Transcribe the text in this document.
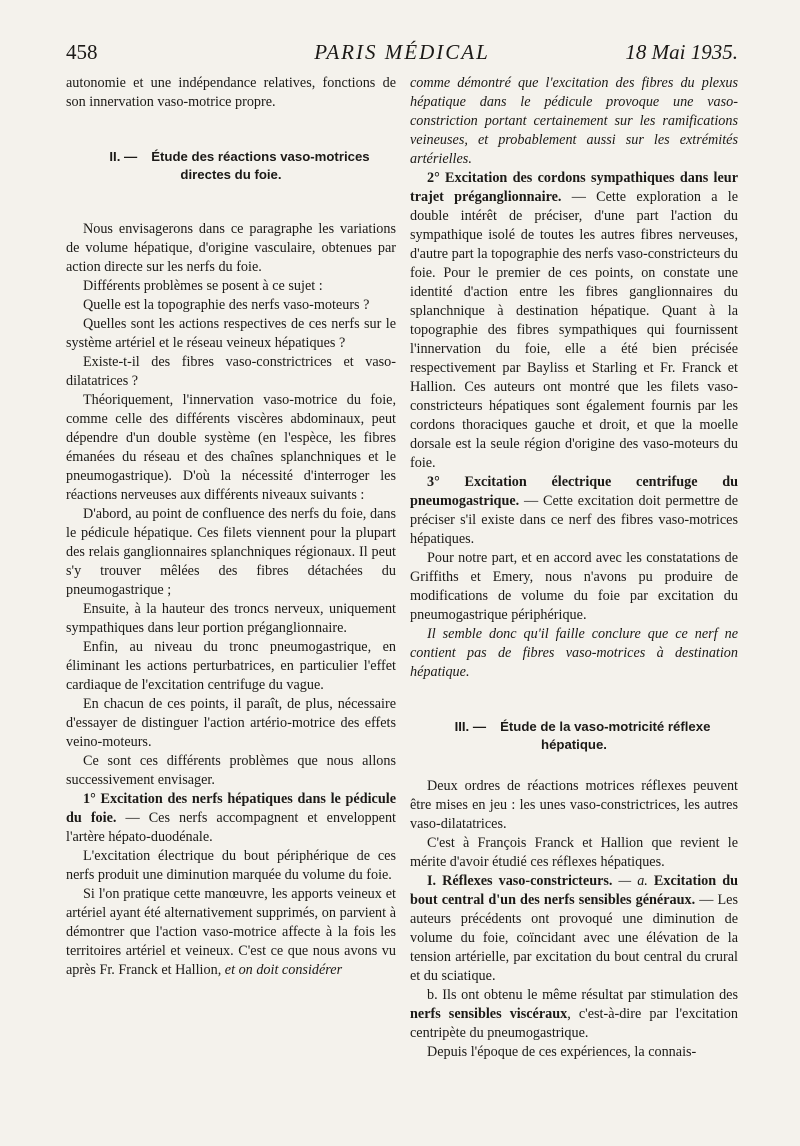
458	PARIS MÉDICAL	18 Mai 1935.

autonomie et une indépendance relatives, fonctions de son innervation vaso-motrice propre.

II. — Étude des réactions vaso-motrices directes du foie.

Nous envisagerons dans ce paragraphe les variations de volume hépatique, d'origine vasculaire, obtenues par action directe sur les nerfs du foie.

Différents problèmes se posent à ce sujet :

Quelle est la topographie des nerfs vaso-moteurs ?

Quelles sont les actions respectives de ces nerfs sur le système artériel et le réseau veineux hépatiques ?

Existe-t-il des fibres vaso-constrictrices et vaso-dilatatrices ?

Théoriquement, l'innervation vaso-motrice du foie, comme celle des différents viscères abdominaux, peut dépendre d'un double système (en l'espèce, les fibres émanées du réseau et des chaînes splanchniques et le pneumogastrique). D'où la nécessité d'interroger les réactions nerveuses aux différents niveaux suivants :

D'abord, au point de confluence des nerfs du foie, dans le pédicule hépatique. Ces filets viennent pour la plupart des relais ganglionnaires splanchniques régionaux. Il peut s'y trouver mêlées des fibres détachées du pneumogastrique ;

Ensuite, à la hauteur des troncs nerveux, uniquement sympathiques dans leur portion préganglionnaire.

Enfin, au niveau du tronc pneumogastrique, en éliminant les actions perturbatrices, en particulier l'effet cardiaque de l'excitation centrifuge du vague.

En chacun de ces points, il paraît, de plus, nécessaire d'essayer de distinguer l'action artério-motrice des effets veino-moteurs.

Ce sont ces différents problèmes que nous allons successivement envisager.

1° Excitation des nerfs hépatiques dans le pédicule du foie. — Ces nerfs accompagnent et enveloppent l'artère hépato-duodénale.

L'excitation électrique du bout périphérique de ces nerfs produit une diminution marquée du volume du foie.

Si l'on pratique cette manœuvre, les apports veineux et artériel ayant été alternativement supprimés, on parvient à démontrer que l'action vaso-motrice affecte à la fois les territoires artériel et veineux. C'est ce que nous avons vu après Fr. Franck et Hallion, et on doit considérer

comme démontré que l'excitation des fibres du plexus hépatique dans le pédicule provoque une vaso-constriction portant certainement sur les ramifications veineuses, et probablement aussi sur les extrémités artérielles.

2° Excitation des cordons sympathiques dans leur trajet préganglionnaire. — Cette exploration a le double intérêt de préciser, d'une part l'action du sympathique isolé de toutes les autres fibres nerveuses, d'autre part la topographie des nerfs vaso-constricteurs du foie. Pour le premier de ces points, on constate une identité d'action entre les fibres ganglionnaires du splanchnique à destination hépatique. Quant à la topographie des fibres sympathiques qui fournissent l'innervation du foie, elle a été bien précisée respectivement par Bayliss et Starling et Fr. Franck et Hallion. Ces auteurs ont montré que les filets vaso-constricteurs hépatiques sont également fournis par les cordons thoraciques gauche et droit, et que la moelle dorsale est la seule région d'origine des vaso-moteurs du foie.

3° Excitation électrique centrifuge du pneumogastrique. — Cette excitation doit permettre de préciser s'il existe dans ce nerf des fibres vaso-motrices hépatiques.

Pour notre part, et en accord avec les constatations de Griffiths et Emery, nous n'avons pu produire de modifications de volume du foie par excitation du pneumogastrique périphérique.

Il semble donc qu'il faille conclure que ce nerf ne contient pas de fibres vaso-motrices à destination hépatique.

III. — Étude de la vaso-motricité réflexe hépatique.

Deux ordres de réactions motrices réflexes peuvent être mises en jeu : les unes vaso-constrictrices, les autres vaso-dilatatrices.

C'est à François Franck et Hallion que revient le mérite d'avoir étudié ces réflexes hépatiques.

I. Réflexes vaso-constricteurs. — a. Excitation du bout central d'un des nerfs sensibles généraux. — Les auteurs précédents ont provoqué une diminution de volume du foie, coïncidant avec une élévation de la tension artérielle, par excitation du bout central du crural et du sciatique.

b. Ils ont obtenu le même résultat par stimulation des nerfs sensibles viscéraux, c'est-à-dire par l'excitation centripète du pneumogastrique.

Depuis l'époque de ces expériences, la connais-
